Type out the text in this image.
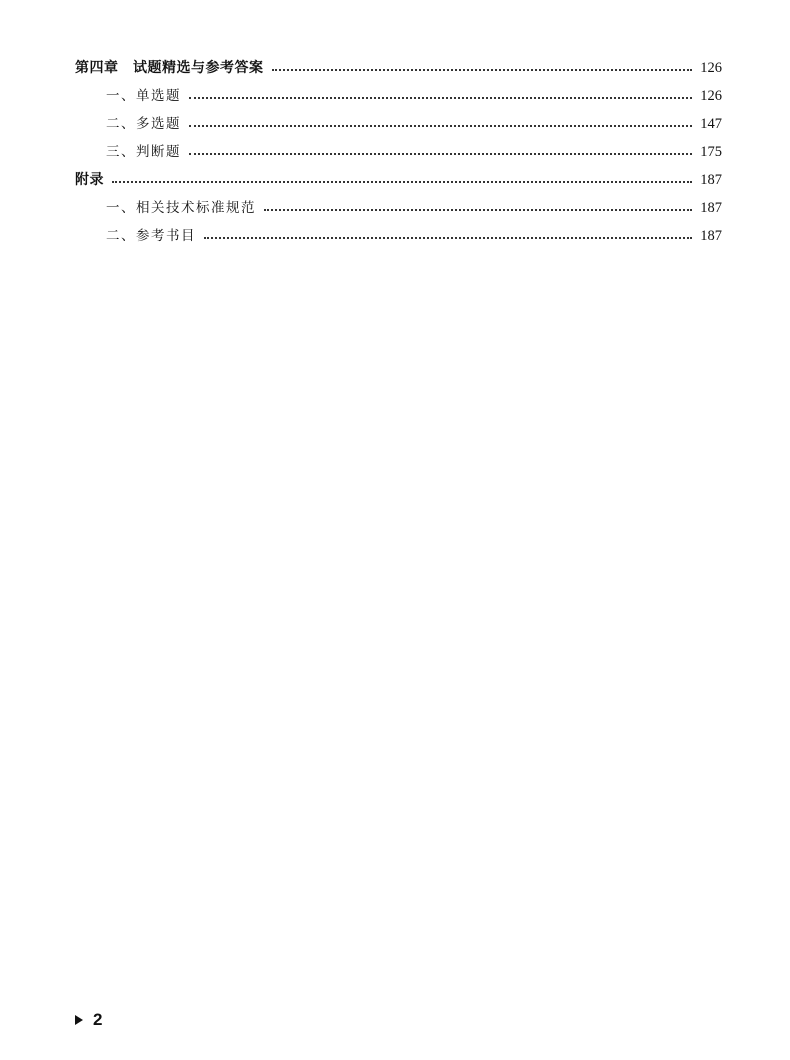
第四章　试题精选与参考答案	126
一、单选题	126
二、多选题	147
三、判断题	175
附录	187
一、相关技术标准规范	187
二、参考书目	187
2
